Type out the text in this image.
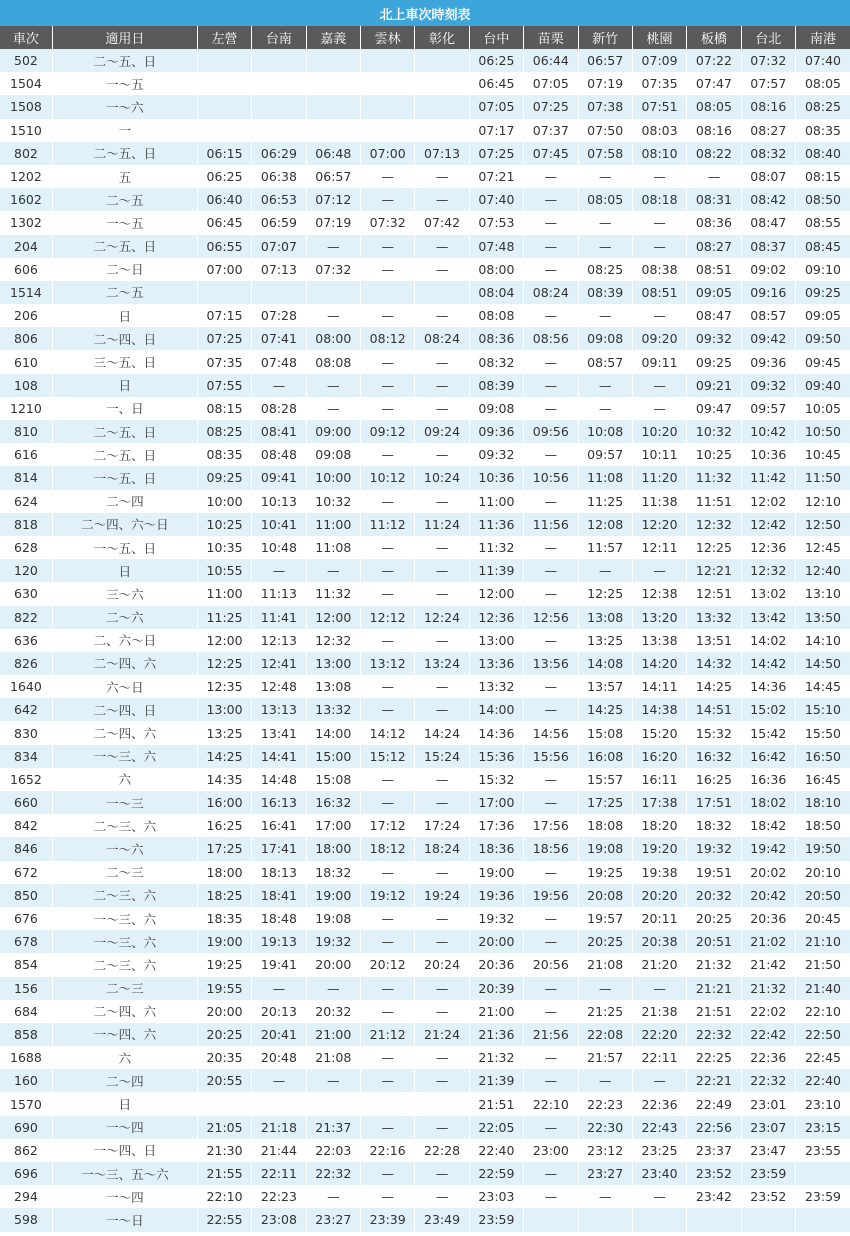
北上車次時刻表													
車次	適用日	左營	台南	嘉義	雲林	彰化	台中	苗栗	新竹	桃園	板橋	台北	南港
502	二～五、日						06:25	06:44	06:57	07:09	07:22	07:32	07:40
1504	一～五						06:45	07:05	07:19	07:35	07:47	07:57	08:05
1508	一～六						07:05	07:25	07:38	07:51	08:05	08:16	08:25
1510	一						07:17	07:37	07:50	08:03	08:16	08:27	08:35
802	二～五、日	06:15	06:29	06:48	07:00	07:13	07:25	07:45	07:58	08:10	08:22	08:32	08:40
1202	五	06:25	06:38	06:57	—	—	07:21	—	—	—	—	08:07	08:15
1602	二～五	06:40	06:53	07:12	—	—	07:40	—	08:05	08:18	08:31	08:42	08:50
1302	一～五	06:45	06:59	07:19	07:32	07:42	07:53	—	—	—	08:36	08:47	08:55
204	二～五、日	06:55	07:07	—	—	—	07:48	—	—	—	08:27	08:37	08:45
606	二～日	07:00	07:13	07:32	—	—	08:00	—	08:25	08:38	08:51	09:02	09:10
1514	二～五						08:04	08:24	08:39	08:51	09:05	09:16	09:25
206	日	07:15	07:28	—	—	—	08:08	—	—	—	08:47	08:57	09:05
806	二～四、日	07:25	07:41	08:00	08:12	08:24	08:36	08:56	09:08	09:20	09:32	09:42	09:50
610	三～五、日	07:35	07:48	08:08	—	—	08:32	—	08:57	09:11	09:25	09:36	09:45
108	日	07:55	—	—	—	—	08:39	—	—	—	09:21	09:32	09:40
1210	一、日	08:15	08:28	—	—	—	09:08	—	—	—	09:47	09:57	10:05
810	二～五、日	08:25	08:41	09:00	09:12	09:24	09:36	09:56	10:08	10:20	10:32	10:42	10:50
616	二～五、日	08:35	08:48	09:08	—	—	09:32	—	09:57	10:11	10:25	10:36	10:45
814	一～五、日	09:25	09:41	10:00	10:12	10:24	10:36	10:56	11:08	11:20	11:32	11:42	11:50
624	二～四	10:00	10:13	10:32	—	—	11:00	—	11:25	11:38	11:51	12:02	12:10
818	二～四、六～日	10:25	10:41	11:00	11:12	11:24	11:36	11:56	12:08	12:20	12:32	12:42	12:50
628	一～五、日	10:35	10:48	11:08	—	—	11:32	—	11:57	12:11	12:25	12:36	12:45
120	日	10:55	—	—	—	—	11:39	—	—	—	12:21	12:32	12:40
630	三～六	11:00	11:13	11:32	—	—	12:00	—	12:25	12:38	12:51	13:02	13:10
822	二～六	11:25	11:41	12:00	12:12	12:24	12:36	12:56	13:08	13:20	13:32	13:42	13:50
636	二、六～日	12:00	12:13	12:32	—	—	13:00	—	13:25	13:38	13:51	14:02	14:10
826	二～四、六	12:25	12:41	13:00	13:12	13:24	13:36	13:56	14:08	14:20	14:32	14:42	14:50
1640	六～日	12:35	12:48	13:08	—	—	13:32	—	13:57	14:11	14:25	14:36	14:45
642	二～四、日	13:00	13:13	13:32	—	—	14:00	—	14:25	14:38	14:51	15:02	15:10
830	二～四、六	13:25	13:41	14:00	14:12	14:24	14:36	14:56	15:08	15:20	15:32	15:42	15:50
834	一～三、六	14:25	14:41	15:00	15:12	15:24	15:36	15:56	16:08	16:20	16:32	16:42	16:50
1652	六	14:35	14:48	15:08	—	—	15:32	—	15:57	16:11	16:25	16:36	16:45
660	一～三	16:00	16:13	16:32	—	—	17:00	—	17:25	17:38	17:51	18:02	18:10
842	二～三、六	16:25	16:41	17:00	17:12	17:24	17:36	17:56	18:08	18:20	18:32	18:42	18:50
846	一～六	17:25	17:41	18:00	18:12	18:24	18:36	18:56	19:08	19:20	19:32	19:42	19:50
672	二～三	18:00	18:13	18:32	—	—	19:00	—	19:25	19:38	19:51	20:02	20:10
850	二～三、六	18:25	18:41	19:00	19:12	19:24	19:36	19:56	20:08	20:20	20:32	20:42	20:50
676	一～三、六	18:35	18:48	19:08	—	—	19:32	—	19:57	20:11	20:25	20:36	20:45
678	一～三、六	19:00	19:13	19:32	—	—	20:00	—	20:25	20:38	20:51	21:02	21:10
854	二～三、六	19:25	19:41	20:00	20:12	20:24	20:36	20:56	21:08	21:20	21:32	21:42	21:50
156	二～三	19:55	—	—	—	—	20:39	—	—	—	21:21	21:32	21:40
684	二～四、六	20:00	20:13	20:32	—	—	21:00	—	21:25	21:38	21:51	22:02	22:10
858	一～四、六	20:25	20:41	21:00	21:12	21:24	21:36	21:56	22:08	22:20	22:32	22:42	22:50
1688	六	20:35	20:48	21:08	—	—	21:32	—	21:57	22:11	22:25	22:36	22:45
160	二～四	20:55	—	—	—	—	21:39	—	—	—	22:21	22:32	22:40
1570	日						21:51	22:10	22:23	22:36	22:49	23:01	23:10
690	一～四	21:05	21:18	21:37	—	—	22:05	—	22:30	22:43	22:56	23:07	23:15
862	一～四、日	21:30	21:44	22:03	22:16	22:28	22:40	23:00	23:12	23:25	23:37	23:47	23:55
696	一～三、五～六	21:55	22:11	22:32	—	—	22:59	—	23:27	23:40	23:52	23:59	
294	一～四	22:10	22:23	—	—	—	23:03	—	—	—	23:42	23:52	23:59
598	一～日	22:55	23:08	23:27	23:39	23:49	23:59						
